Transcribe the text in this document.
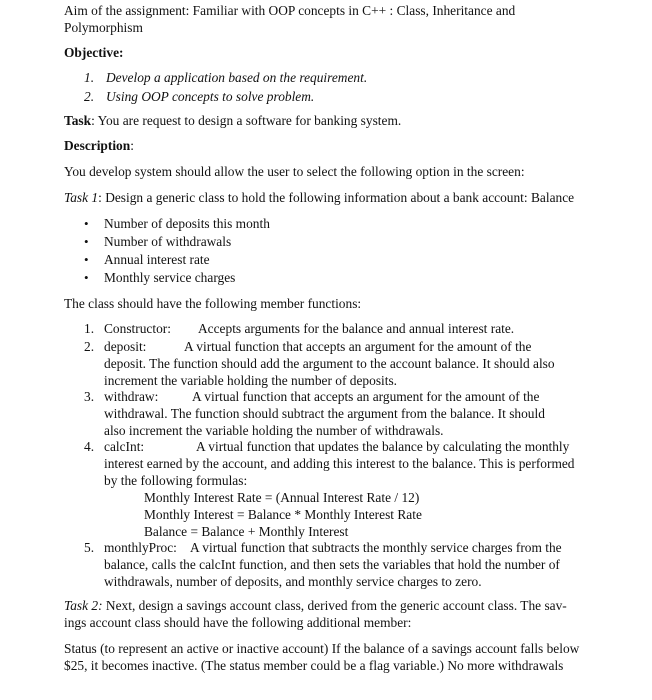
Aim of the assignment: Familiar with OOP concepts in C++ : Class, Inheritance and
Polymorphism
Objective:
1. Develop a application based on the requirement.
2. Using OOP concepts to solve problem.
Task: You are request to design a software for banking system.
Description:
You develop system should allow the user to select the following option in the screen:
Task 1: Design a generic class to hold the following information about a bank account: Balance
• Number of deposits this month
• Number of withdrawals
• Annual interest rate
• Monthly service charges
The class should have the following member functions:
1. Constructor: Accepts arguments for the balance and annual interest rate.
2. deposit:	A virtual function that accepts an argument for the amount of the
deposit. The function should add the argument to the account balance. It should also
increment the variable holding the number of deposits.
3. withdraw:	A virtual function that accepts an argument for the amount of the
withdrawal. The function should subtract the argument from the balance. It should
also increment the variable holding the number of withdrawals.
4. calcInt:	A virtual function that updates the balance by calculating the monthly
interest earned by the account, and adding this interest to the balance. This is performed
by the following formulas:
Monthly Interest Rate = (Annual Interest Rate / 12)
Monthly Interest = Balance * Monthly Interest Rate
Balance = Balance + Monthly Interest
5. monthlyProc: A virtual function that subtracts the monthly service charges from the
balance, calls the calcInt function, and then sets the variables that hold the number of
withdrawals, number of deposits, and monthly service charges to zero.
Task 2: Next, design a savings account class, derived from the generic account class. The sav-
ings account class should have the following additional member:
Status (to represent an active or inactive account) If the balance of a savings account falls below
$25, it becomes inactive. (The status member could be a flag variable.) No more withdrawals
